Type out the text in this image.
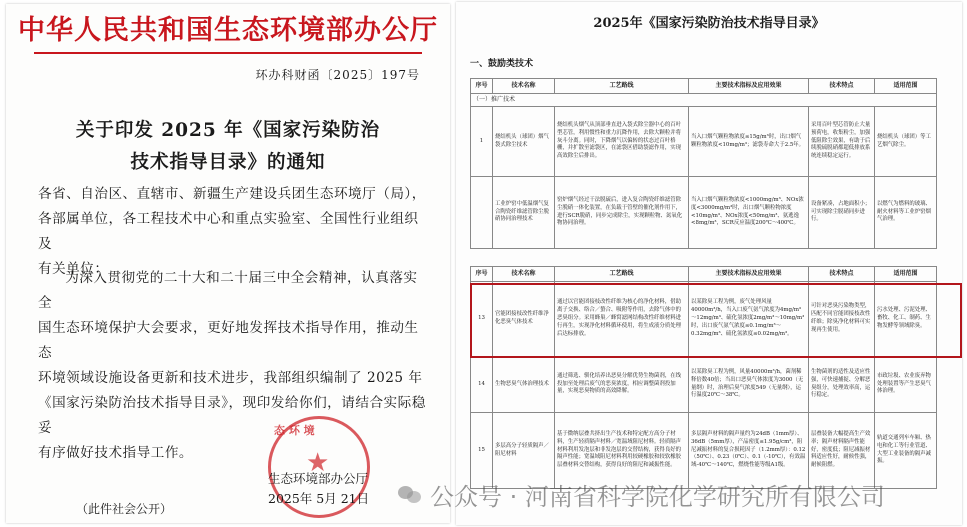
中华人民共和国生态环境部办公厅
环办科财函〔2025〕197号
关于印发 2025 年《国家污染防治
技术指导目录》的通知

各省、自治区、直辖市、新疆生产建设兵团生态环境厅（局），

各部属单位，各工程技术中心和重点实验室、全国性行业组织及

有关单位：

为深入贯彻党的二十大和二十届三中全会精神，认真落实全

国生态环境保护大会要求，更好地发挥技术指导作用，推动生态

环境领域设施设备更新和技术进步，我部组织编制了 2025 年

《国家污染防治技术指导目录》，现印发给你们，请结合实际稳妥

有序做好技术指导工作。

态 环 境
★
生态环境部办公厅
2025年 5月 21日
（此件社会公开）
2025年《国家污染防治技术指导目录》
一、鼓励类技术
序号	技术名称	工艺路线	主要技术指标及应用效果	技术特点	适用范围
（一）推广技术					
1	烧结机头（球团）烟气袋式除尘技术	烧结机头烟气从顶部垂直进入袋式除尘器中心的百叶型芯管，利用惯性和重力沉降作用，去除大颗粒并将灰斗分离。同时，下降烟气以偏转的状态过百叶格栅，并扩散至滤袋区，在滤袋区借助袋滤作用，实现高效除尘后排出。	当入口烟气颗粒物浓度≤15g/m³时，出口烟气颗粒物浓度<10mg/m³；滤袋寿命大于2.5年。	采用百叶型芯管防止大量预荷电，收集粉尘，加强低阻除尘效果，有助于后续脱硫脱硝都超低排放系统连续稳定运行。	烧结机头（球团）等工艺烟气除尘。
	工业炉窑中低温烟气复合陶瓷纤维滤管除尘脱硝协同治理技术	窑炉烟气经过干法脱硫后，进入复合陶瓷纤维滤管除尘脱硝一体化装置，在负载于管壁的催化剂作用下，进行SCR脱硝，同步完成除尘，实现颗粒物、氮氧化物协同治理。	当入口烟气颗粒物浓度<1000mg/m³、NOx浓度<3000mg/m³时，出口烟气颗粒物浓度<10mg/m³、NOx浓度<50mg/m³、氨逃逸<8mg/m³，SCR反应温度200℃～400℃。	设备紧凑，占地面积小；可实现除尘脱硝同步进行。	以燃气为燃料的玻璃、耐火材料等工业炉窑烟气治理。
序号	技术名称	工艺路线	主要技术指标及应用效果	技术特点	适用范围
13	官能团接枝改性纤维净化恶臭气体技术	通过以官能团接枝改性纤维为核心的净化材料，借助离子交换、络合／螯合、吸附等作用，去除气体中的恶臭组分。采用蜂巢／蜂窝滤网结构改性纤维材料进行再生，实现净化材料循环使用，将生成液分质处理后达标排放。	以某除臭工程为例，废气处理风量40000m³/h，当入口废气氨气浓度为4mg/m³～12mg/m³、硫化氢浓度2mg/m³～10mg/m³时，出口废气氨气浓度≤0.1mg/m³～0.32mg/m³、硫化氢浓度≤0.02mg/m³。	可针对恶臭污染物类型，匹配不同官能团接枝改性纤维；除臭净化材料可实现再生使用。	污水处理、污泥处理、畜牧、化工、制药、生物发酵等领域除臭。
14	生物恶臭气体治理技术	通过筛选、驯化培养出恶臭分解优势生物菌剂，在线投加至处理后废气的恶臭浓度，相应调整菌剂投加量，实现恶臭物质的高效降解。	以某除臭工程为例，风量40000m³/h，菌剂稀释倍数40倍；当出口恶臭气体浓度为3000（无量纲）时，治理后臭气浓度549（无量纲），运行温度20℃～38℃。	生物菌剂的适性及适应性强，可快速捕捉、分解恶臭组分，处理效率高，运行稳定。	市政垃圾、农业废弃物处理装置等产生恶臭气体治理。
15	多层高分子轻质隔声／阻尼材料	基于微纳层叠共挤出生产技术和特定配方高分子材料，生产轻质隔声材料／宽温域阻尼材料。轻质隔声材料利用发泡层和非发泡层的交替结构，获得良好的隔声性能；宽温域阻尼材料利用较硬橡胶和较软橡胶层叠材料交替结构，获得良好的阻尼和减振性能。	多层隔声材料的隔声量约为24dB（1mm厚）、36dB（5mm厚），产品密度≤1.95g/cm³，阻尼减振材料的复合损耗因子（1.2mm厚）：0.12（50℃）、0.23（0℃）、0.1（-10℃），有效温域-40℃～140℃，燃烧性能等级A1级。	层叠装备大幅提高生产效率；隔声材料隔声性能好，密度低；阻尼减振材料适应性好，耐候性强，耐候阻燃。	轨道交通列车车厢、热电和化工等行业管道、大型工业装备的隔声减振。
公众号 · 河南省科学院化学研究所有限公司
